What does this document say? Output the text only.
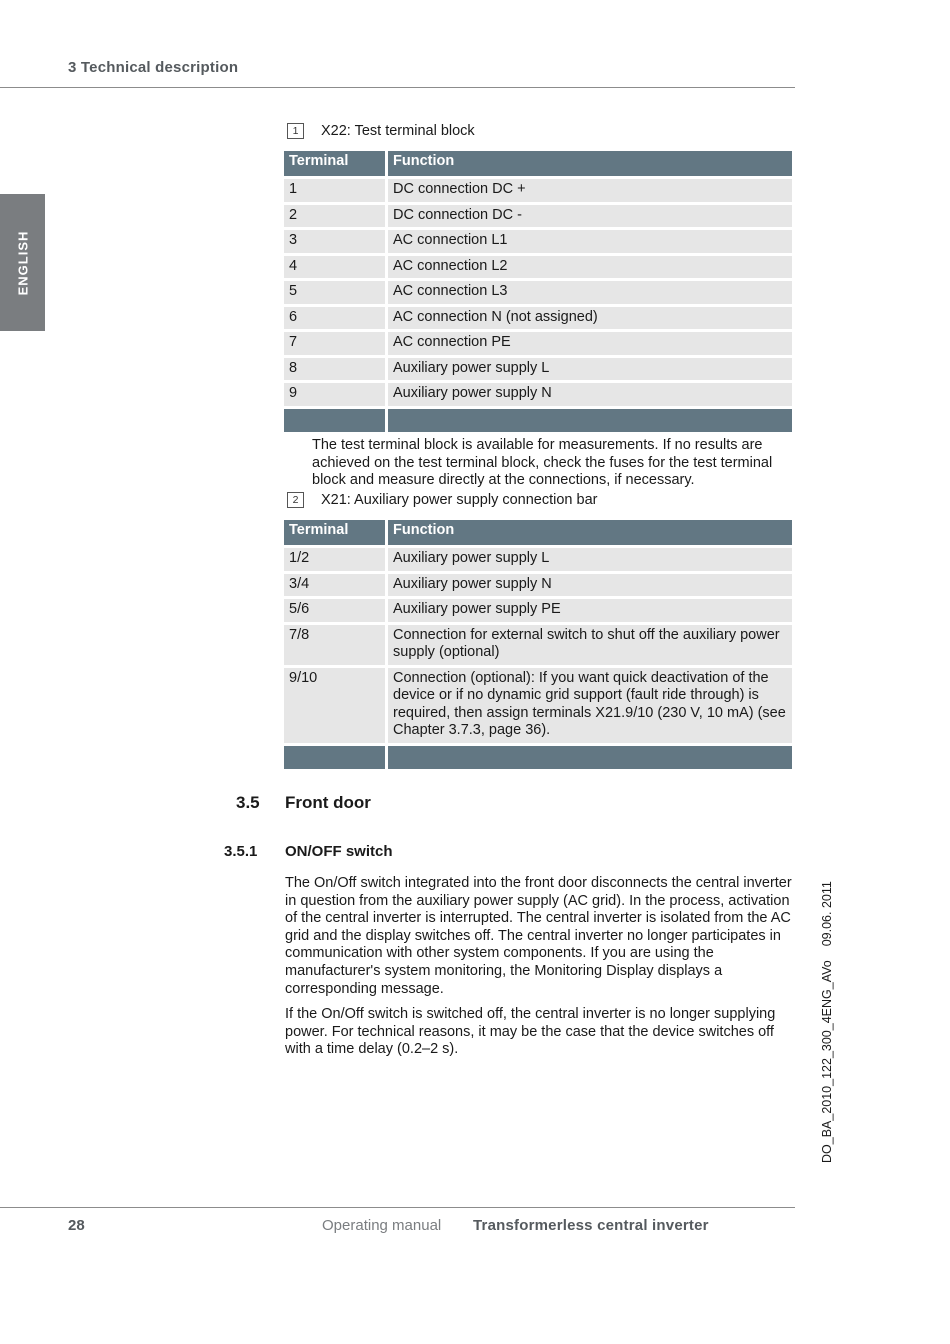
3 Technical description
ENGLISH
DO_BA_2010_122_300_4ENG_AVo09.06. 2011
1	X22: Test terminal block
Terminal	Function
1	DC connection DC +
2	DC connection DC -
3	AC connection L1
4	AC connection L2
5	AC connection L3
6	AC connection N (not assigned)
7	AC connection PE
8	Auxiliary power supply L
9	Auxiliary power supply N

The test terminal block is available for measurements. If no results are achieved on the test terminal block, check the fuses for the test terminal block and measure directly at the connections, if necessary.
2	X21: Auxiliary power supply connection bar
Terminal	Function
1/2	Auxiliary power supply L
3/4	Auxiliary power supply N
5/6	Auxiliary power supply PE
7/8	Connection for external switch to shut off the auxiliary power supply (optional)
9/10	Connection (optional): If you want quick deactivation of the device or if no dynamic grid support (fault ride through) is required, then assign terminals X21.9/10 (230 V, 10 mA) (see Chapter 3.7.3, page 36).

3.5 Front door
3.5.1 ON/OFF switch
The On/Off switch integrated into the front door disconnects the central inverter in question from the auxiliary power supply (AC grid). In the process, activation of the central inverter is interrupted. The central inverter is isolated from the AC grid and the display switches off. The central inverter no longer participates in communication with other system components. If you are using the manufacturer's system monitoring, the Monitoring Display displays a corresponding message.
If the On/Off switch is switched off, the central inverter is no longer supplying power. For technical reasons, it may be the case that the device switches off with a time delay (0.2–2 s).
28	Operating manual Transformerless central inverter
